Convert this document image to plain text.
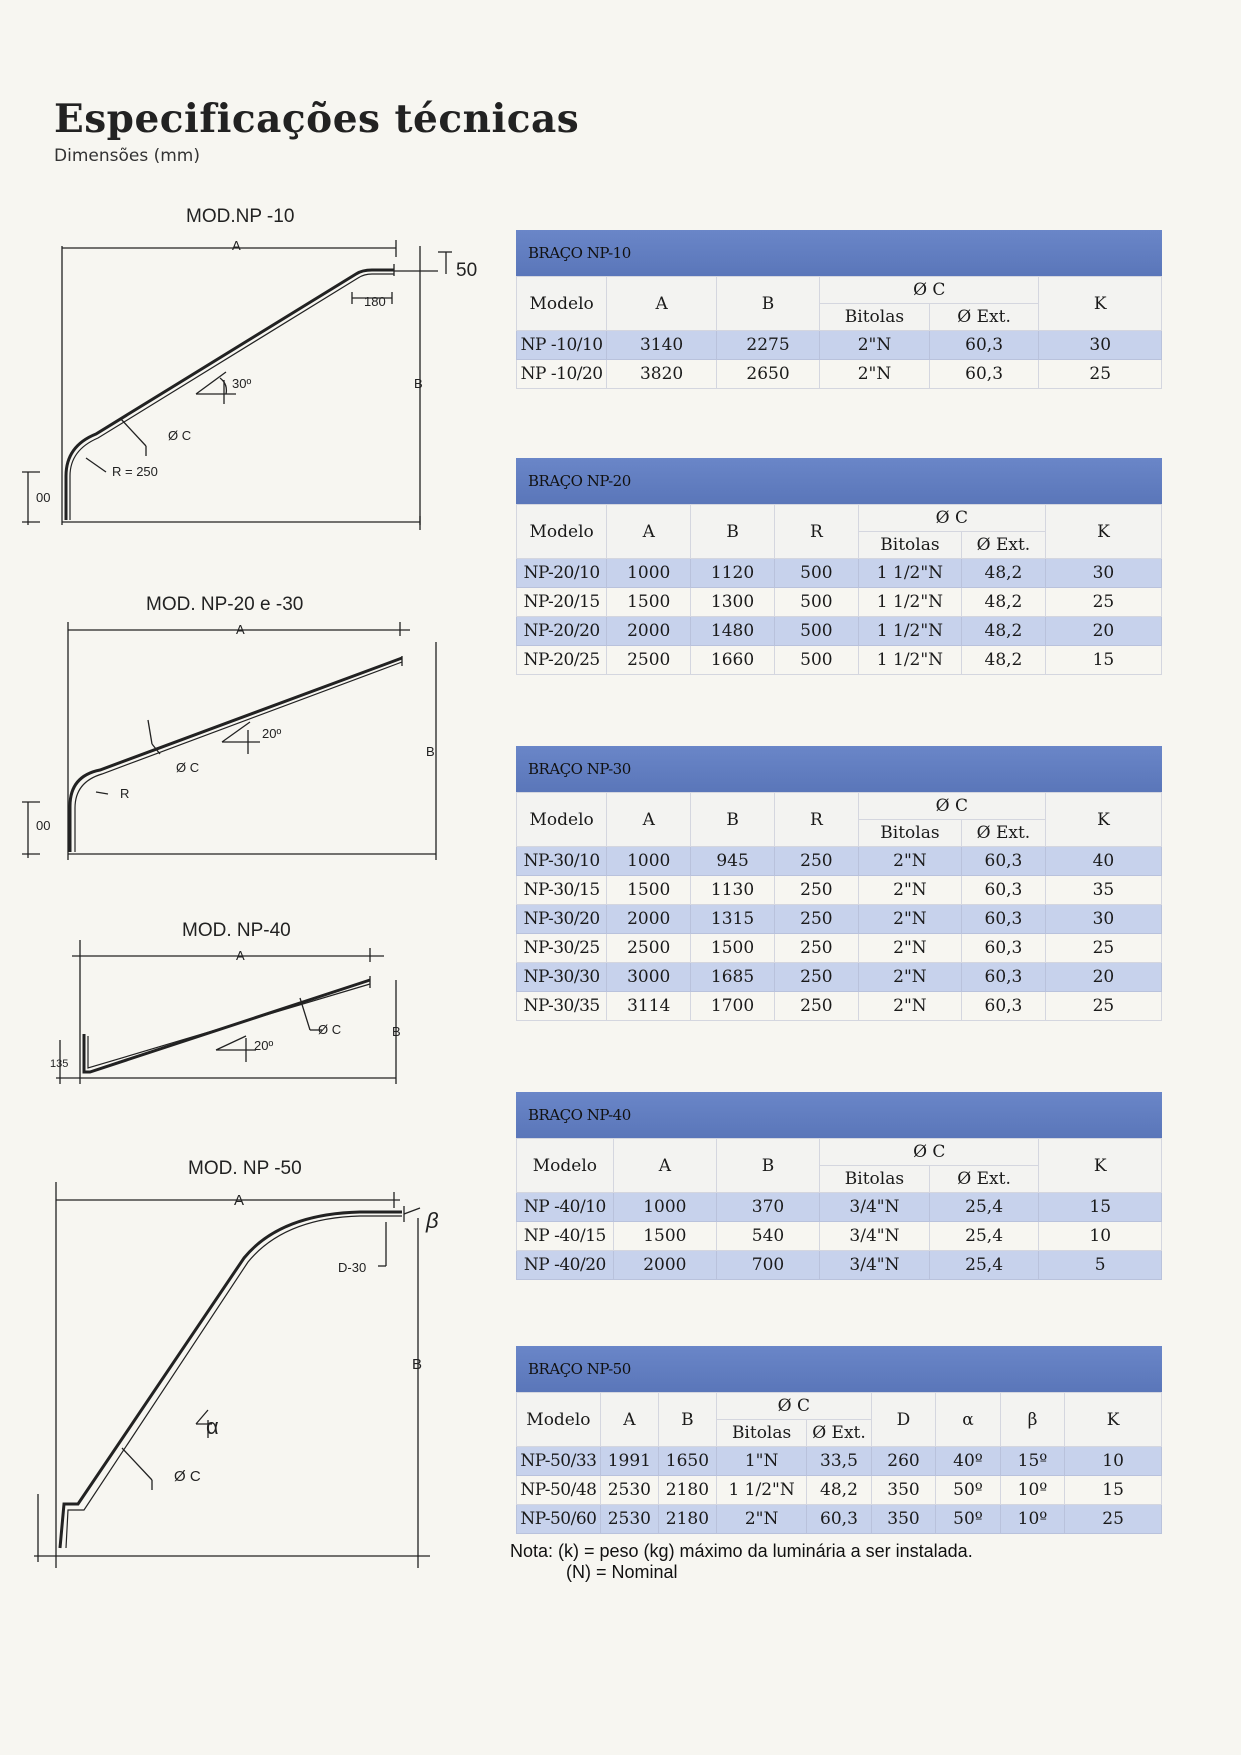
Especificações técnicas
Dimensões (mm)
MOD.NP -10
A
B
50
180
30º
Ø C
R = 250
00
MOD. NP-20 e -30
A
B
20º
Ø C
R
00
MOD. NP-40
A
B
20º
Ø C
135
MOD. NP -50
A
B
D-30
α
β
Ø C
BRAÇO NP-10
Modelo	A	B	Ø C		K
			Bitolas	Ø Ext.	
NP -10/10	3140	2275	2"N	60,3	30
NP -10/20	3820	2650	2"N	60,3	25
BRAÇO NP-20
Modelo	A	B	R	Ø C		K
				Bitolas	Ø Ext.	
NP-20/10	1000	1120	500	1 1/2"N	48,2	30
NP-20/15	1500	1300	500	1 1/2"N	48,2	25
NP-20/20	2000	1480	500	1 1/2"N	48,2	20
NP-20/25	2500	1660	500	1 1/2"N	48,2	15
BRAÇO NP-30
Modelo	A	B	R	Ø C		K
				Bitolas	Ø Ext.	
NP-30/10	1000	945	250	2"N	60,3	40
NP-30/15	1500	1130	250	2"N	60,3	35
NP-30/20	2000	1315	250	2"N	60,3	30
NP-30/25	2500	1500	250	2"N	60,3	25
NP-30/30	3000	1685	250	2"N	60,3	20
NP-30/35	3114	1700	250	2"N	60,3	25
BRAÇO NP-40
Modelo	A	B	Ø C		K
			Bitolas	Ø Ext.	
NP -40/10	1000	370	3/4"N	25,4	15
NP -40/15	1500	540	3/4"N	25,4	10
NP -40/20	2000	700	3/4"N	25,4	5
BRAÇO NP-50
Modelo	A	B	Ø C		D	α	β	K
			Bitolas	Ø Ext.				
NP-50/33	1991	1650	1"N	33,5	260	40º	15º	10
NP-50/48	2530	2180	1 1/2"N	48,2	350	50º	10º	15
NP-50/60	2530	2180	2"N	60,3	350	50º	10º	25
Nota: (k) = peso (kg) máximo da luminária a ser instalada.
(N) = Nominal
